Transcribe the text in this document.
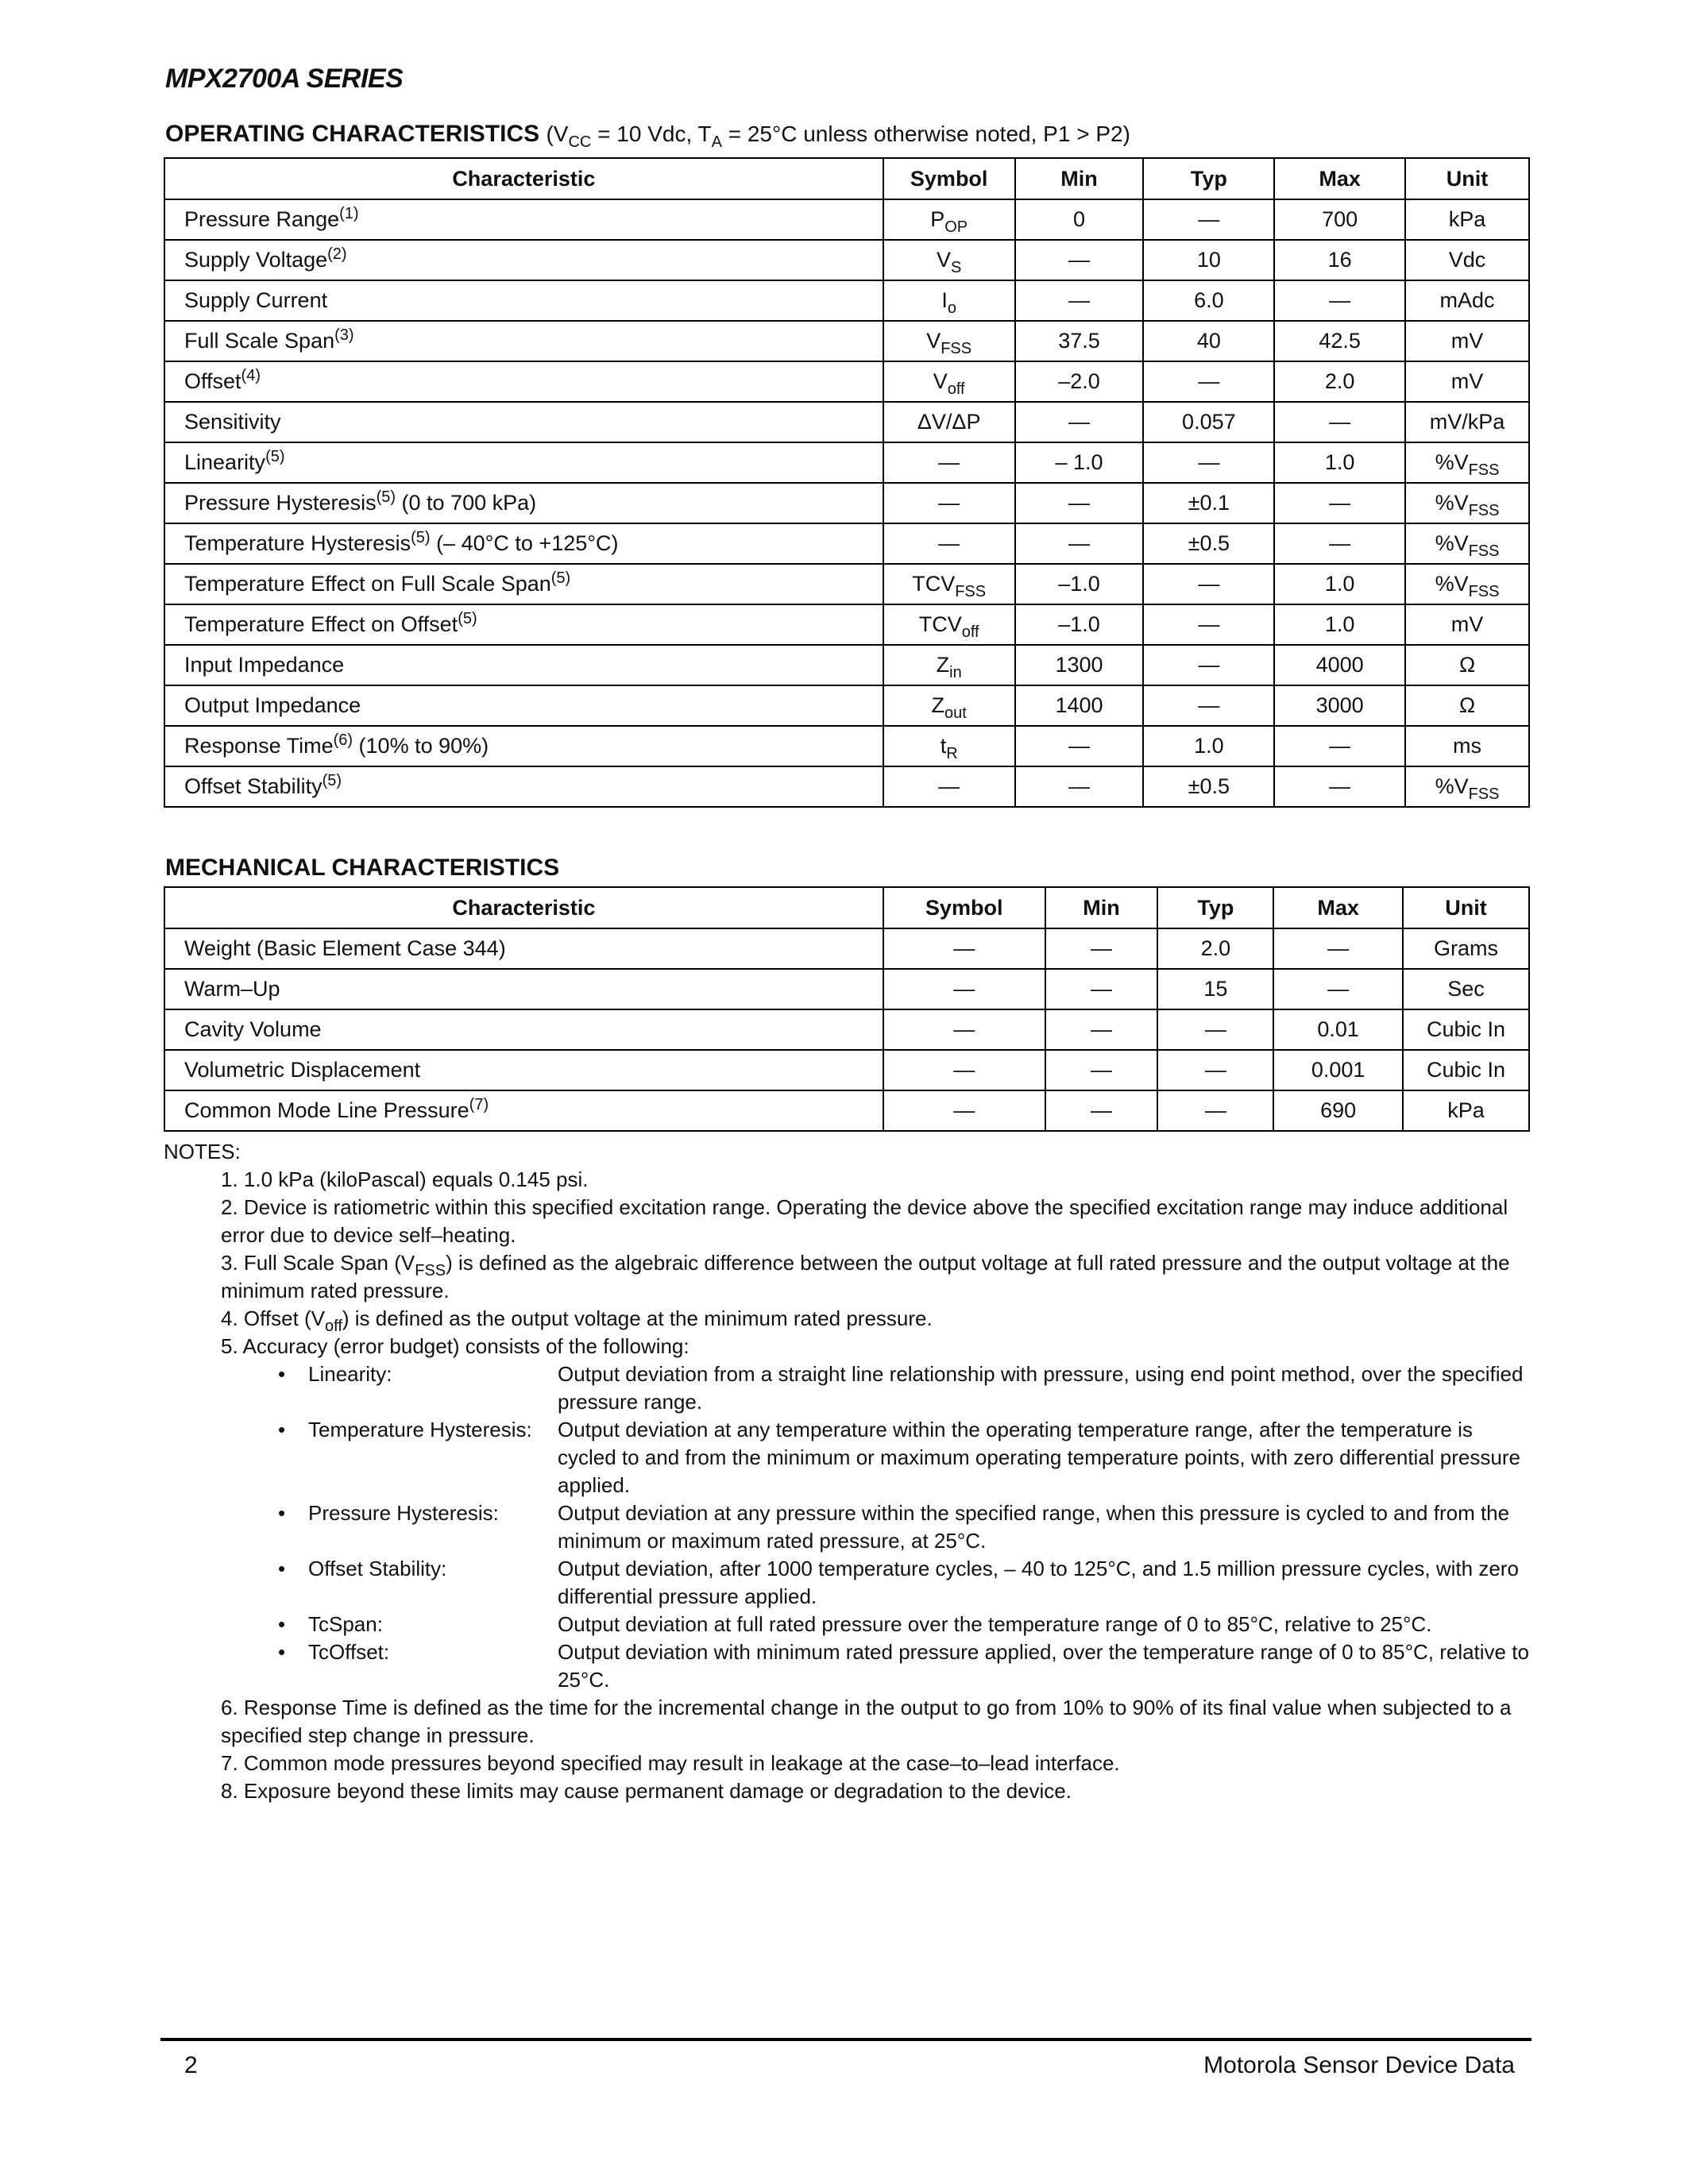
MPX2700A SERIES
OPERATING CHARACTERISTICS ($V_{CC} = 10$ Vdc, $T_A = 25^\circ C$ unless otherwise noted, P1 > P2)
Characteristic	Symbol	Min	Typ	Max	Unit
Pressure Range$^{(1)}$	$P_{OP}$	0	—	700	kPa
Supply Voltage$^{(2)}$	$V_S$	—	10	16	Vdc
Supply Current	$I_o$	—	6.0	—	mAdc
Full Scale Span$^{(3)}$	$V_{FSS}$	37.5	40	42.5	mV
Offset$^{(4)}$	$V_{off}$	–2.0	—	2.0	mV
Sensitivity	ΔV/ΔP	—	0.057	—	mV/kPa
Linearity$^{(5)}$	—	– 1.0	—	1.0	$\%V_{FSS}$
Pressure Hysteresis$^{(5)}$ (0 to 700 kPa)	—	—	±0.1	—	$\%V_{FSS}$
Temperature Hysteresis$^{(5)}$ (– 40°C to +125°C)	—	—	±0.5	—	$\%V_{FSS}$
Temperature Effect on Full Scale Span$^{(5)}$	$TCV_{FSS}$	–1.0	—	1.0	$\%V_{FSS}$
Temperature Effect on Offset$^{(5)}$	$TCV_{off}$	–1.0	—	1.0	mV
Input Impedance	$Z_{in}$	1300	—	4000	Ω
Output Impedance	$Z_{out}$	1400	—	3000	Ω
Response Time$^{(6)}$ (10% to 90%)	$t_R$	—	1.0	—	ms
Offset Stability$^{(5)}$	—	—	±0.5	—	$\%V_{FSS}$
MECHANICAL CHARACTERISTICS
Characteristic	Symbol	Min	Typ	Max	Unit
Weight (Basic Element Case 344)	—	—	2.0	—	Grams
Warm–Up	—	—	15	—	Sec
Cavity Volume	—	—	—	0.01	Cubic In
Volumetric Displacement	—	—	—	0.001	Cubic In
Common Mode Line Pressure$^{(7)}$	—	—	—	690	kPa

NOTES:

1. 1.0 kPa (kiloPascal) equals 0.145 psi.
2. Device is ratiometric within this specified excitation range. Operating the device above the specified excitation range may induce additional error due to device self–heating.
3. Full Scale Span $(V_{FSS})$ is defined as the algebraic difference between the output voltage at full rated pressure and the output voltage at the minimum rated pressure.
4. Offset $(V_{off})$ is defined as the output voltage at the minimum rated pressure.
5. Accuracy (error budget) consists of the following:
• Linearity:	Output deviation from a straight line relationship with pressure, using end point method, over the specified pressure range.
• Temperature Hysteresis: Output deviation at any temperature within the operating temperature range, after the temperature is cycled to and from the minimum or maximum operating temperature points, with zero differential pressure applied.
• Pressure Hysteresis:	Output deviation at any pressure within the specified range, when this pressure is cycled to and from the minimum or maximum rated pressure, at 25°C.
• Offset Stability:	Output deviation, after 1000 temperature cycles, – 40 to 125°C, and 1.5 million pressure cycles, with zero differential pressure applied.
• TcSpan:	Output deviation at full rated pressure over the temperature range of 0 to 85°C, relative to 25°C.
• TcOffset:	Output deviation with minimum rated pressure applied, over the temperature range of 0 to 85°C, relative to 25°C.
6. Response Time is defined as the time for the incremental change in the output to go from 10% to 90% of its final value when subjected to a specified step change in pressure.
7. Common mode pressures beyond specified may result in leakage at the case–to–lead interface.
8. Exposure beyond these limits may cause permanent damage or degradation to the device.
2	Motorola Sensor Device Data
